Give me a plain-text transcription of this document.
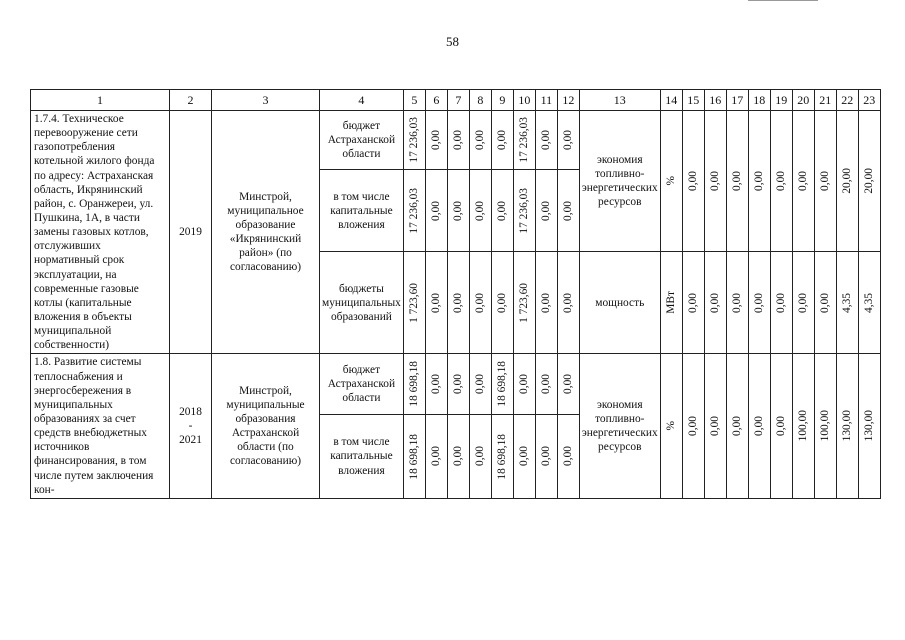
58
1	2	3	4	5	6	7	8	9	10	11	12	13	14	15	16	17	18	19	20	21	22	23
1.7.4. Техническое перевооружение сети газопотребления котельной жилого фонда по адресу: Астраханская область, Икрянинский район, с. Оранжереи, ул. Пушкина, 1А, в части замены газовых котлов, отслуживших нормативный срок эксплуатации, на современные газовые котлы (капитальные вложения в объекты муниципальной собственности)	2019	Минстрой, муниципальное образование «Икрянинский район» (по согласованию)	бюджет Астраханской области	17 236,03	0,00	0,00	0,00	0,00	17 236,03	0,00	0,00	экономия топливно-энергетических ресурсов	%	0,00	0,00	0,00	0,00	0,00	0,00	0,00	20,00	20,00

			в том числе капитальные вложения	17 236,03	0,00	0,00	0,00	0,00	17 236,03	0,00	0,00											

			бюджеты муниципальных образований	1 723,60	0,00	0,00	0,00	0,00	1 723,60	0,00	0,00	мощность	МВт	0,00	0,00	0,00	0,00	0,00	0,00	0,00	4,35	4,35

1.8. Развитие системы теплоснабжения и энергосбережения в муниципальных образованиях за счет средств внебюджетных источников финансирования, в том числе путем заключения кон-	2018
-
2021	Минстрой, муниципальные образования Астраханской области (по согласованию)	бюджет Астраханской области	18 698,18	0,00	0,00	0,00	18 698,18	0,00	0,00	0,00	экономия топливно-энергетических ресурсов	%	0,00	0,00	0,00	0,00	0,00	100,00	100,00	130,00	130,00

			в том числе капитальные вложения	18 698,18	0,00	0,00	0,00	18 698,18	0,00	0,00	0,00											
